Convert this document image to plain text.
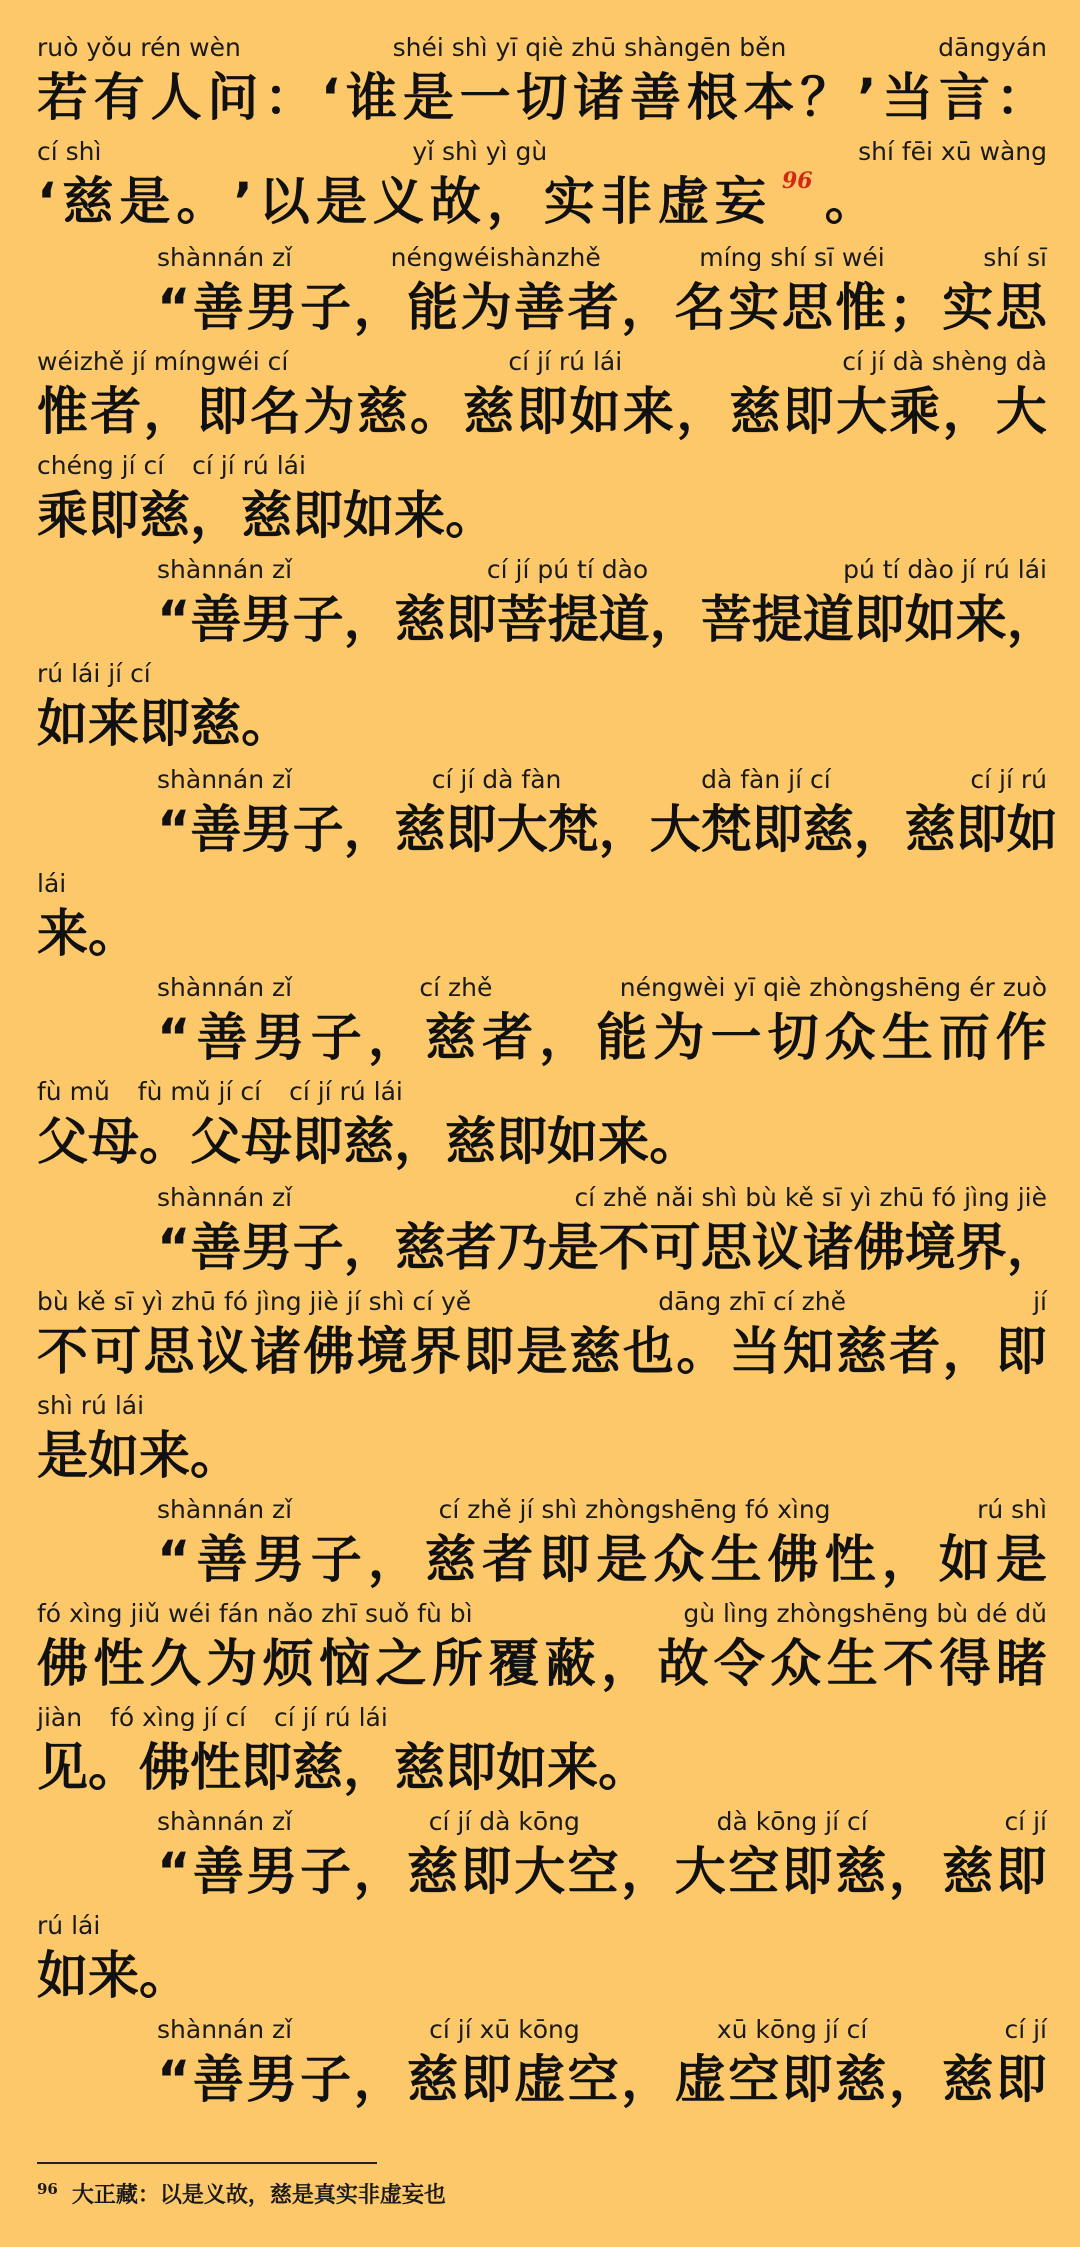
ruò yǒu rén wèn	shéi shì yī qiè zhū shàngēn běn	dāngyán
若 有 人 问 ： ‘ 谁 是 一 切 诸 善 根 本 ？ ’ 当 言 ：
cí shì	yǐ shì yì gù	shí fēi xū wàng
‘ 慈 是 。 ’ 以 是 义 故 ， 实 非 虚 妄 96 。
shànnán zǐ	néngwéishànzhě	míng shí sī wéi	shí sī
“ 善 男 子 ， 能 为 善 者 ， 名 实 思 惟 ； 实 思
wéizhě jí míngwéi cí	cí jí rú lái	cí jí dà shèng dà
惟 者 ， 即 名 为 慈 。 慈 即 如 来 ， 慈 即 大 乘 ， 大
chéng jí cí cí jí rú lái
乘 即 慈 ， 慈 即 如 来 。
shànnán zǐ	cí jí pú tí dào	pú tí dào jí rú lái
“ 善 男 子 ， 慈 即 菩 提 道 ， 菩 提 道 即 如 来 ，
rú lái jí cí
如 来 即 慈 。
shànnán zǐ	cí jí dà fàn	dà fàn jí cí	cí jí rú
“ 善 男 子 ， 慈 即 大 梵 ， 大 梵 即 慈 ， 慈 即 如
lái
来 。
shànnán zǐ	cí zhě	néngwèi yī qiè zhòngshēng ér zuò
“ 善 男 子 ， 慈 者 ， 能 为 一 切 众 生 而 作
fù mǔ fù mǔ jí cí cí jí rú lái
父 母 。 父 母 即 慈 ， 慈 即 如 来 。
shànnán zǐ	cí zhě nǎi shì bù kě sī yì zhū fó jìng jiè
“ 善 男 子 ， 慈 者 乃 是 不 可 思 议 诸 佛 境 界 ，
bù kě sī yì zhū fó jìng jiè jí shì cí yě	dāng zhī cí zhě	jí
不 可 思 议 诸 佛 境 界 即 是 慈 也 。 当 知 慈 者 ， 即
shì rú lái
是 如 来 。
shànnán zǐ	cí zhě jí shì zhòngshēng fó xìng	rú shì
“ 善 男 子 ， 慈 者 即 是 众 生 佛 性 ， 如 是
fó xìng jiǔ wéi fán nǎo zhī suǒ fù bì	gù lìng zhòngshēng bù dé dǔ
佛 性 久 为 烦 恼 之 所 覆 蔽 ， 故 令 众 生 不 得 睹
jiàn fó xìng jí cí cí jí rú lái
见 。 佛 性 即 慈 ， 慈 即 如 来 。
shànnán zǐ	cí jí dà kōng	dà kōng jí cí	cí jí
“ 善 男 子 ， 慈 即 大 空 ， 大 空 即 慈 ， 慈 即
rú lái
如 来 。
shànnán zǐ	cí jí xū kōng	xū kōng jí cí	cí jí
“ 善 男 子 ， 慈 即 虚 空 ， 虚 空 即 慈 ， 慈 即
$^{96}$ 大正藏：以是义故，慈是真实非虚妄也
